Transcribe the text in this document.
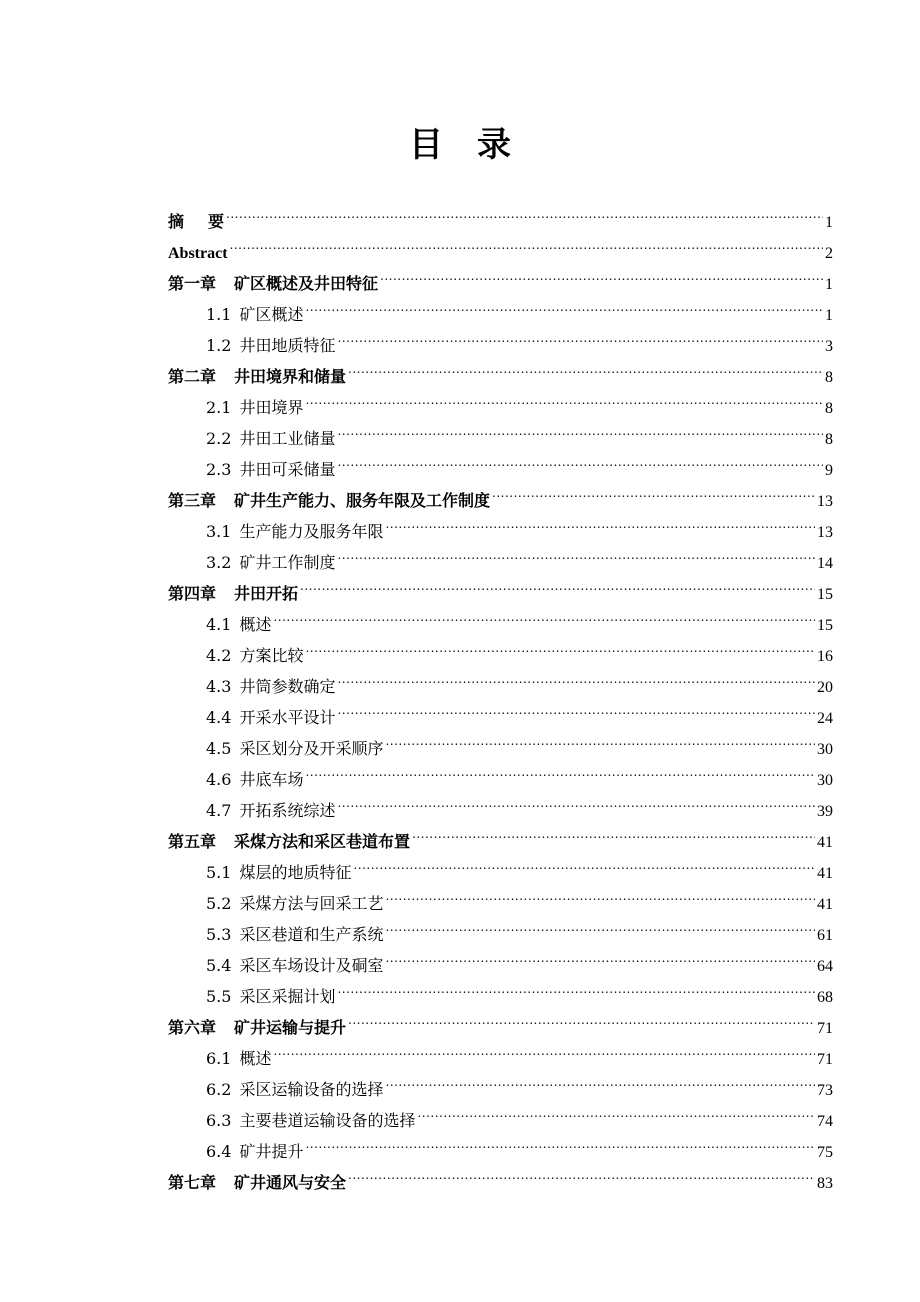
目 录
摘 要 .....	1
Abstract .....	2
第一章 矿区概述及井田特征 .....	1
1.1 矿区概述 .....	1
1.2 井田地质特征 .....	3
第二章 井田境界和储量 .....	8
2.1 井田境界 .....	8
2.2 井田工业储量 .....	8
2.3 井田可采储量 .....	9
第三章 矿井生产能力、服务年限及工作制度 .....	13
3.1 生产能力及服务年限 .....	13
3.2 矿井工作制度 .....	14
第四章 井田开拓 .....	15
4.1 概述 .....	15
4.2 方案比较 .....	16
4.3 井筒参数确定 .....	20
4.4 开采水平设计 .....	24
4.5 采区划分及开采顺序 .....	30
4.6 井底车场 .....	30
4.7 开拓系统综述 .....	39
第五章 采煤方法和采区巷道布置 .....	41
5.1 煤层的地质特征 .....	41
5.2 采煤方法与回采工艺 .....	41
5.3 采区巷道和生产系统 .....	61
5.4 采区车场设计及硐室 .....	64
5.5 采区采掘计划 .....	68
第六章 矿井运输与提升 .....	71
6.1 概述 .....	71
6.2 采区运输设备的选择 .....	73
6.3 主要巷道运输设备的选择 .....	74
6.4 矿井提升 .....	75
第七章 矿井通风与安全 .....	83
